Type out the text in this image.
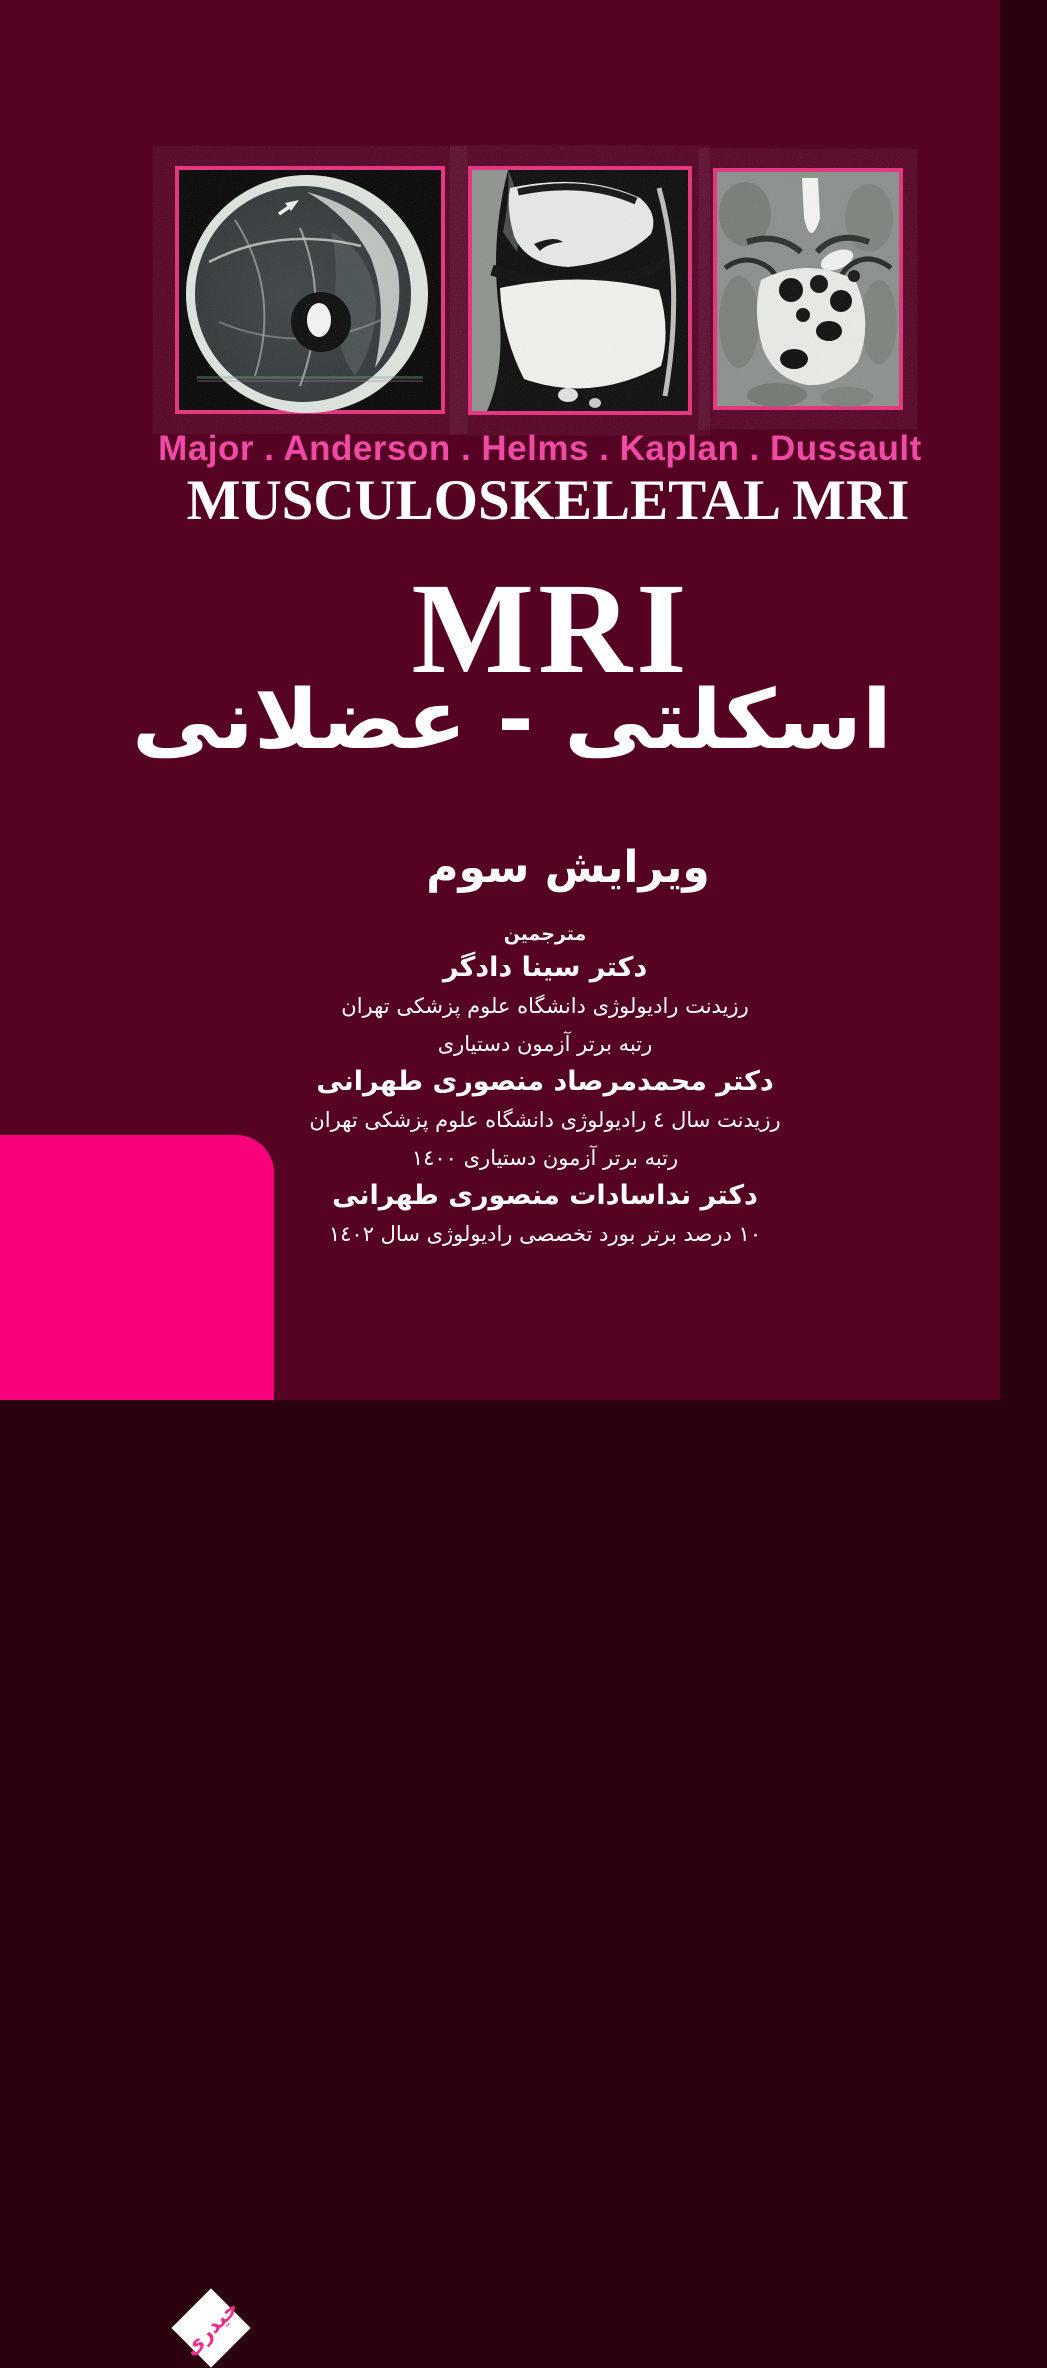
Major . Anderson . Helms . Kaplan . Dussault
MUSCULOSKELETAL MRI
MRI
اسکلتی - عضلانی
ویرایش سوم
مترجمین
دکتر سینا دادگر
رزیدنت رادیولوژی دانشگاه علوم پزشکی تهران
رتبه برتر آزمون دستیاری
دکتر محمدمرصاد منصوری طهرانی
رزیدنت سال ٤ رادیولوژی دانشگاه علوم پزشکی تهران
رتبه برتر آزمون دستیاری ١٤٠٠
دکتر نداسادات منصوری طهرانی
١٠ درصد برتر بورد تخصصی رادیولوژی سال ١٤٠٢
حیدری
